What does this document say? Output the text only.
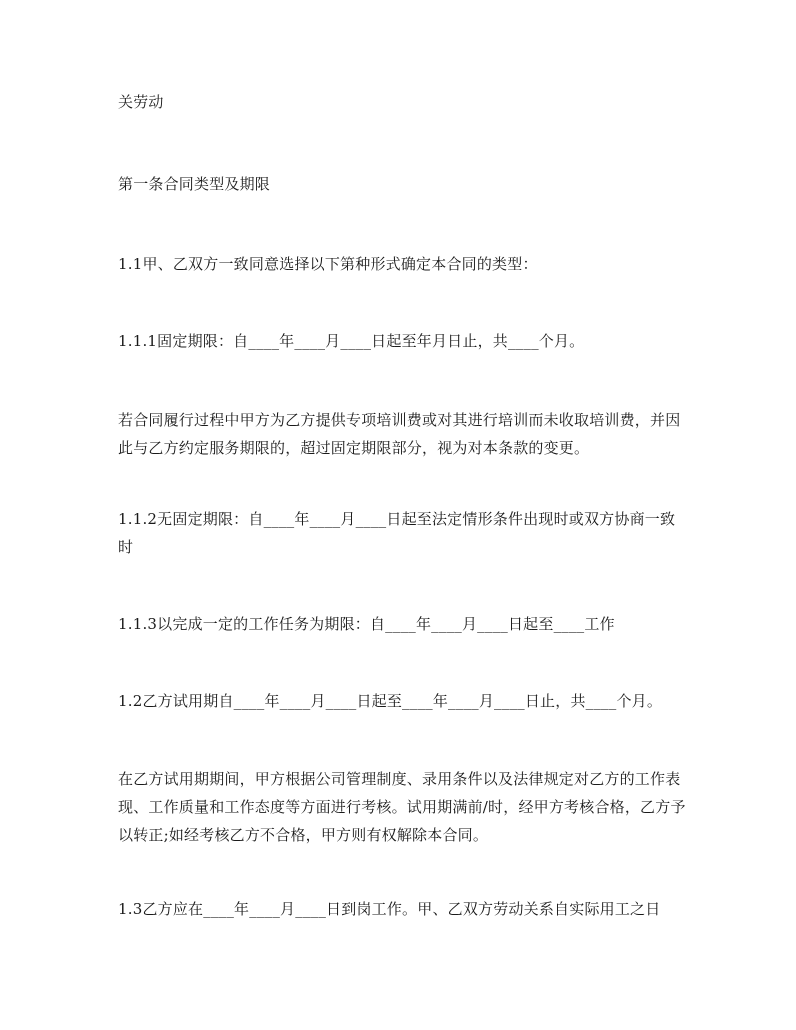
关劳动
第一条合同类型及期限
1.1甲、乙双方一致同意选择以下第种形式确定本合同的类型：
1.1.1固定期限：自____年____月____日起至年月日止，共____个月。
若合同履行过程中甲方为乙方提供专项培训费或对其进行培训而未收取培训费，并因此与乙方约定服务期限的，超过固定期限部分，视为对本条款的变更。
1.1.2无固定期限：自____年____月____日起至法定情形条件出现时或双方协商一致时
1.1.3以完成一定的工作任务为期限：自____年____月____日起至____工作
1.2乙方试用期自____年____月____日起至____年____月____日止，共____个月。
在乙方试用期期间，甲方根据公司管理制度、录用条件以及法律规定对乙方的工作表现、工作质量和工作态度等方面进行考核。试用期满前/时，经甲方考核合格，乙方予以转正;如经考核乙方不合格，甲方则有权解除本合同。
1.3乙方应在____年____月____日到岗工作。甲、乙双方劳动关系自实际用工之日
